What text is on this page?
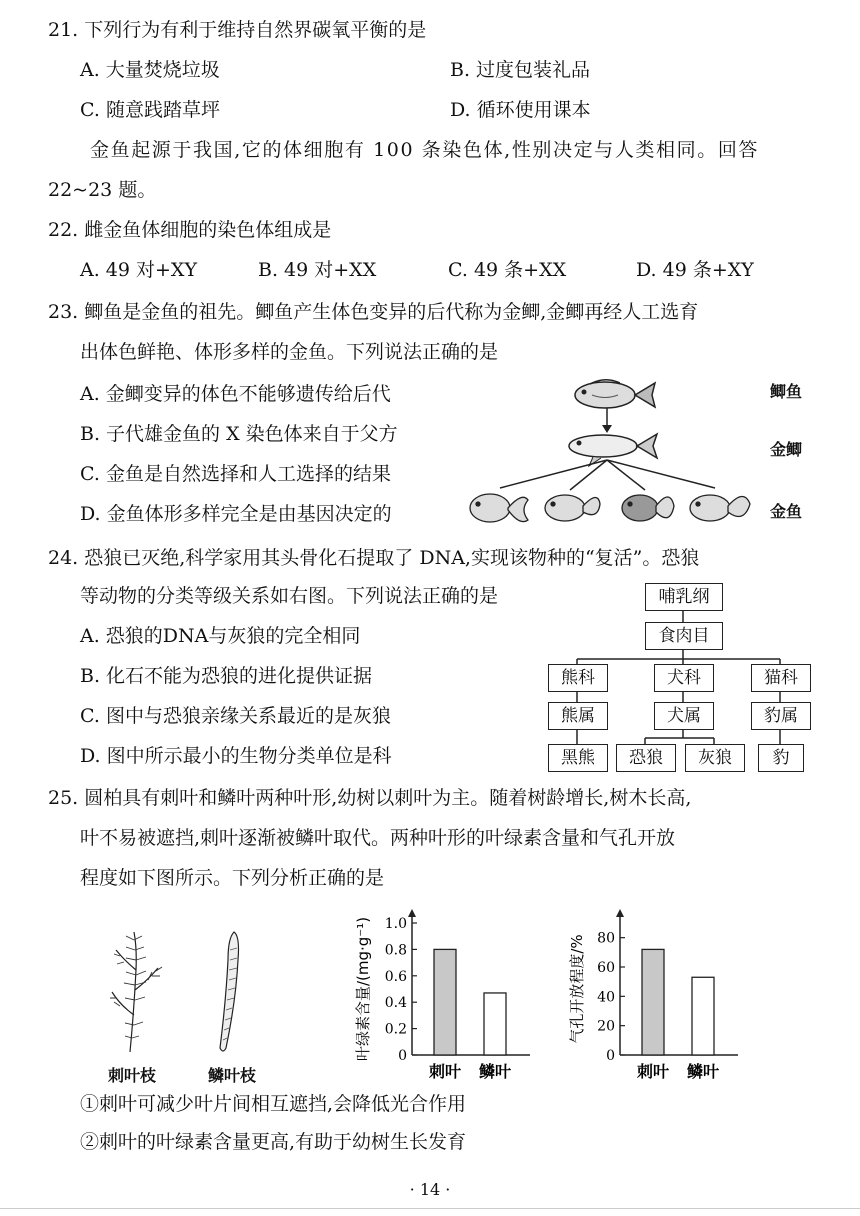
21. 下列行为有利于维持自然界碳氧平衡的是
A. 大量焚烧垃圾	B. 过度包装礼品
C. 随意践踏草坪	D. 循环使用课本
金鱼起源于我国,它的体细胞有 100 条染色体,性别决定与人类相同。回答
22~23 题。
22. 雌金鱼体细胞的染色体组成是
A. 49 对+XY	B. 49 对+XX	C. 49 条+XX	D. 49 条+XY
23. 鲫鱼是金鱼的祖先。鲫鱼产生体色变异的后代称为金鲫,金鲫再经人工选育
出体色鲜艳、体形多样的金鱼。下列说法正确的是
A. 金鲫变异的体色不能够遗传给后代
B. 子代雄金鱼的 X 染色体来自于父方
C. 金鱼是自然选择和人工选择的结果
D. 金鱼体形多样完全是由基因决定的
鲫鱼
金鲫
金鱼
24. 恐狼已灭绝,科学家用其头骨化石提取了 DNA,实现该物种的“复活”。恐狼
等动物的分类等级关系如右图。下列说法正确的是
A. 恐狼的DNA与灰狼的完全相同
B. 化石不能为恐狼的进化提供证据
C. 图中与恐狼亲缘关系最近的是灰狼
D. 图中所示最小的生物分类单位是科
哺乳纲
食肉目
熊科	犬科	猫科
熊属	犬属	豹属
黑熊	恐狼	灰狼	豹
25. 圆柏具有刺叶和鳞叶两种叶形,幼树以刺叶为主。随着树龄增长,树木长高,
叶不易被遮挡,刺叶逐渐被鳞叶取代。两种叶形的叶绿素含量和气孔开放
程度如下图所示。下列分析正确的是
刺叶枝	鳞叶枝
0
0.2
0.4
0.6
0.8
1.0
刺叶 鳞叶
叶绿素含量/(mg·g⁻¹)	0
20
40
60
80
刺叶 鳞叶
气孔开放程度/%
①刺叶可减少叶片间相互遮挡,会降低光合作用
②刺叶的叶绿素含量更高,有助于幼树生长发育
· 14 ·
